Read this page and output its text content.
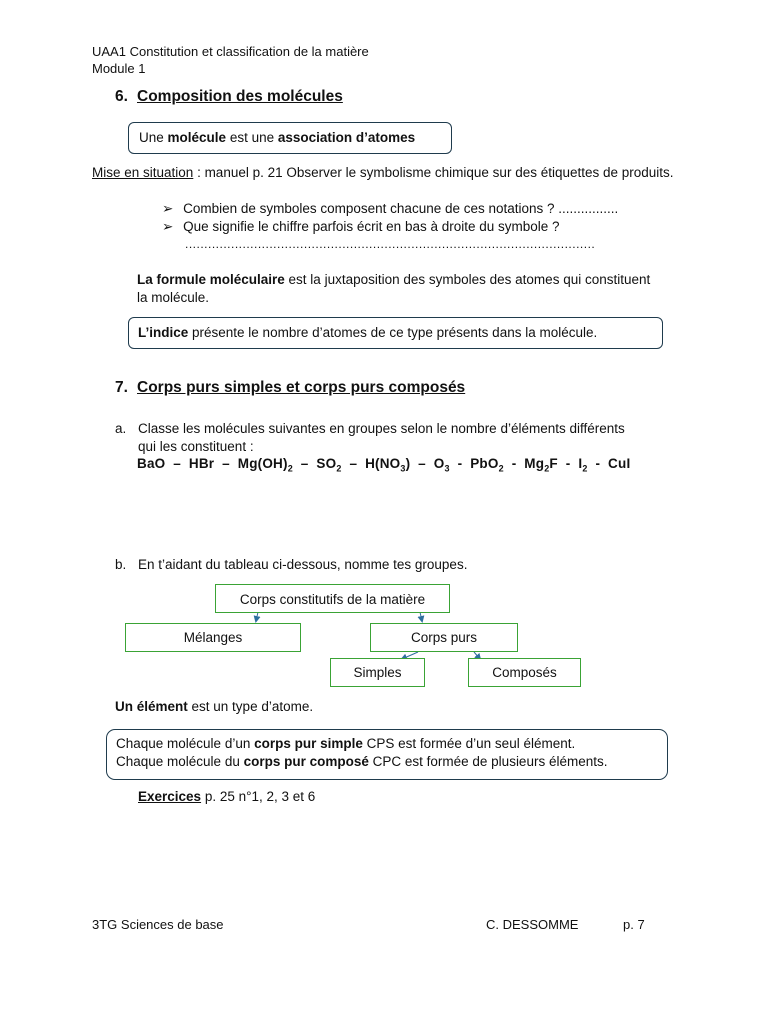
UAA1 Constitution et classification de la matière
Module 1
6. Composition des molécules
Une molécule est une association d’atomes
Mise en situation : manuel p. 21 Observer le symbolisme chimique sur des étiquettes de produits.
➢ Combien de symboles composent chacune de ces notations ? ................
➢ Que signifie le chiffre parfois écrit en bas à droite du symbole ?
...........................................................................................................
La formule moléculaire est la juxtaposition des symboles des atomes qui constituent la molécule.
L’indice présente le nombre d’atomes de ce type présents dans la molécule.
7. Corps purs simples et corps purs composés
a. Classe les molécules suivantes en groupes selon le nombre d’éléments différents qui les constituent :
BaO  –  HBr  –  $Mg(OH)_2 - SO_2 - H(NO_3) - O_3 - PbO_2 - Mg_2F - I_2$  -  CuI
b. En t’aidant du tableau ci-dessous, nomme tes groupes.
Corps constitutifs de la matière
Mélanges	Corps purs
Simples	Composés
Un élément est un type d’atome.
Chaque molécule d’un corps pur simple CPS est formée d’un seul élément.
Chaque molécule du corps pur composé CPC est formée de plusieurs éléments.
Exercices p. 25 n°1, 2, 3 et 6
3TG Sciences de base	C. DESSOMME	p. 7
